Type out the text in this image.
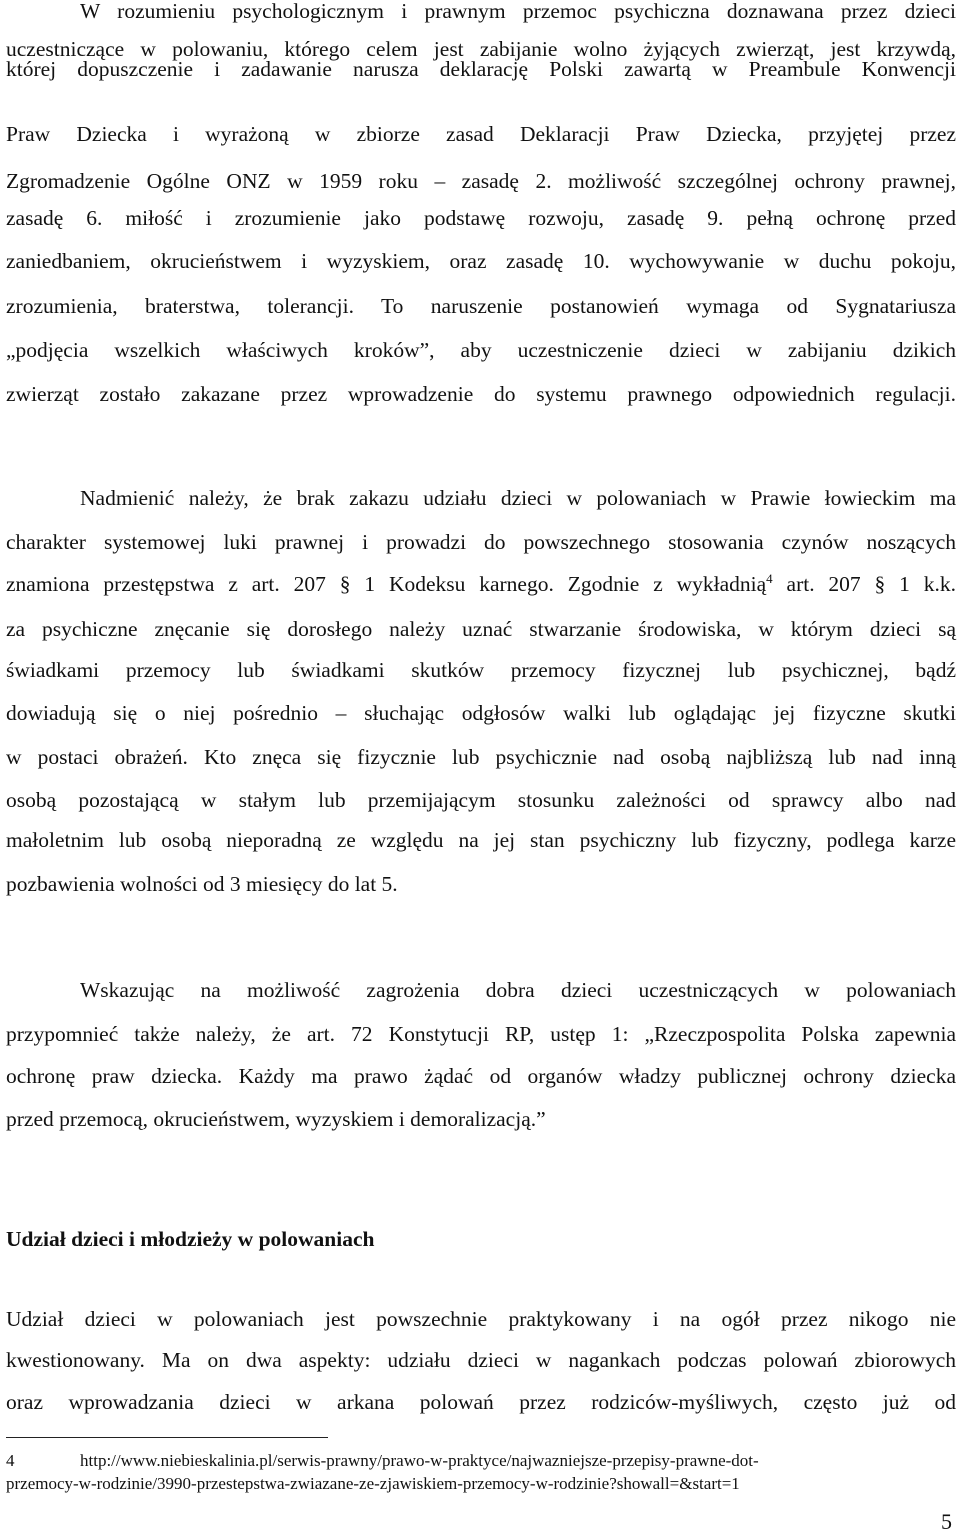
W rozumieniu psychologicznym i prawnym przemoc psychiczna doznawana przez dzieci
uczestniczące w polowaniu, którego celem jest zabijanie wolno żyjących zwierząt, jest krzywdą,
której dopuszczenie i zadawanie narusza deklarację Polski zawartą w Preambule Konwencji
Praw Dziecka i wyrażoną w zbiorze zasad Deklaracji Praw Dziecka, przyjętej przez
Zgromadzenie Ogólne ONZ w 1959 roku – zasadę 2. możliwość szczególnej ochrony prawnej,
zasadę 6. miłość i zrozumienie jako podstawę rozwoju, zasadę 9. pełną ochronę przed
zaniedbaniem, okrucieństwem i wyzyskiem, oraz zasadę 10. wychowywanie w duchu pokoju,
zrozumienia, braterstwa, tolerancji. To naruszenie postanowień wymaga od Sygnatariusza
„podjęcia wszelkich właściwych kroków”, aby uczestniczenie dzieci w zabijaniu dzikich
zwierząt zostało zakazane przez wprowadzenie do systemu prawnego odpowiednich regulacji.
Nadmienić należy, że brak zakazu udziału dzieci w polowaniach w Prawie łowieckim ma
charakter systemowej luki prawnej i prowadzi do powszechnego stosowania czynów noszących
znamiona przestępstwa z art. 207 § 1 Kodeksu karnego. Zgodnie z wykładnią$^4$ art. 207 § 1 k.k.
za psychiczne znęcanie się dorosłego należy uznać stwarzanie środowiska, w którym dzieci są
świadkami przemocy lub świadkami skutków przemocy fizycznej lub psychicznej, bądź
dowiadują się o niej pośrednio – słuchając odgłosów walki lub oglądając jej fizyczne skutki
w postaci obrażeń. Kto znęca się fizycznie lub psychicznie nad osobą najbliższą lub nad inną
osobą pozostającą w stałym lub przemijającym stosunku zależności od sprawcy albo nad
małoletnim lub osobą nieporadną ze względu na jej stan psychiczny lub fizyczny, podlega karze
pozbawienia wolności od 3 miesięcy do lat 5.
Wskazując na możliwość zagrożenia dobra dzieci uczestniczących w polowaniach
przypomnieć także należy, że art. 72 Konstytucji RP, ustęp 1: „Rzeczpospolita Polska zapewnia
ochronę praw dziecka. Każdy ma prawo żądać od organów władzy publicznej ochrony dziecka
przed przemocą, okrucieństwem, wyzyskiem i demoralizacją.”
Udział dzieci i młodzieży w polowaniach
Udział dzieci w polowaniach jest powszechnie praktykowany i na ogół przez nikogo nie
kwestionowany. Ma on dwa aspekty: udziału dzieci w nagankach podczas polowań zbiorowych
oraz wprowadzania dzieci w arkana polowań przez rodziców-myśliwych, często już od
4	http://www.niebieskalinia.pl/serwis-prawny/prawo-w-praktyce/najwazniejsze-przepisy-prawne-dot-
przemocy-w-rodzinie/3990-przestepstwa-zwiazane-ze-zjawiskiem-przemocy-w-rodzinie?showall=&start=1
5
